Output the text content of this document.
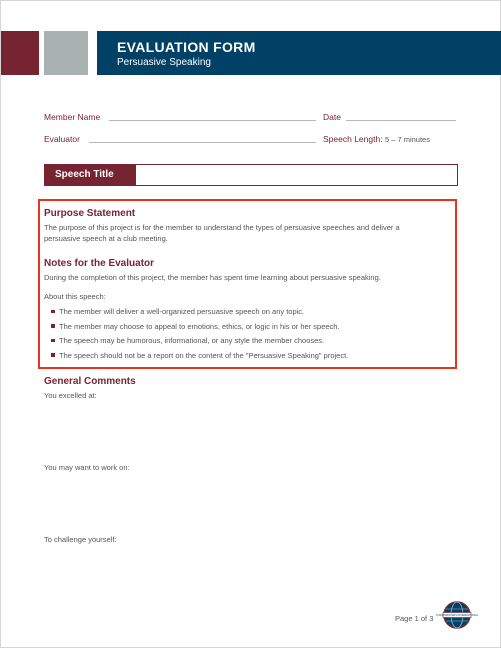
EVALUATION FORM
Persuasive Speaking
Member Name	Date
Evaluator	Speech Length: 5 – 7 minutes
Speech Title
Purpose Statement
The purpose of this project is for the member to understand the types of persuasive speeches and deliver a
persuasive speech at a club meeting.
Notes for the Evaluator
During the completion of this project, the member has spent time learning about persuasive speaking.
About this speech:
The member will deliver a well-organized persuasive speech on any topic.
The member may choose to appeal to emotions, ethics, or logic in his or her speech.
The speech may be humorous, informational, or any style the member chooses.
The speech should not be a report on the content of the "Persuasive Speaking" project.
General Comments
You excelled at:
You may want to work on:
To challenge yourself:
Page 1 of 3 TOASTMASTERS INTERNATIONAL
